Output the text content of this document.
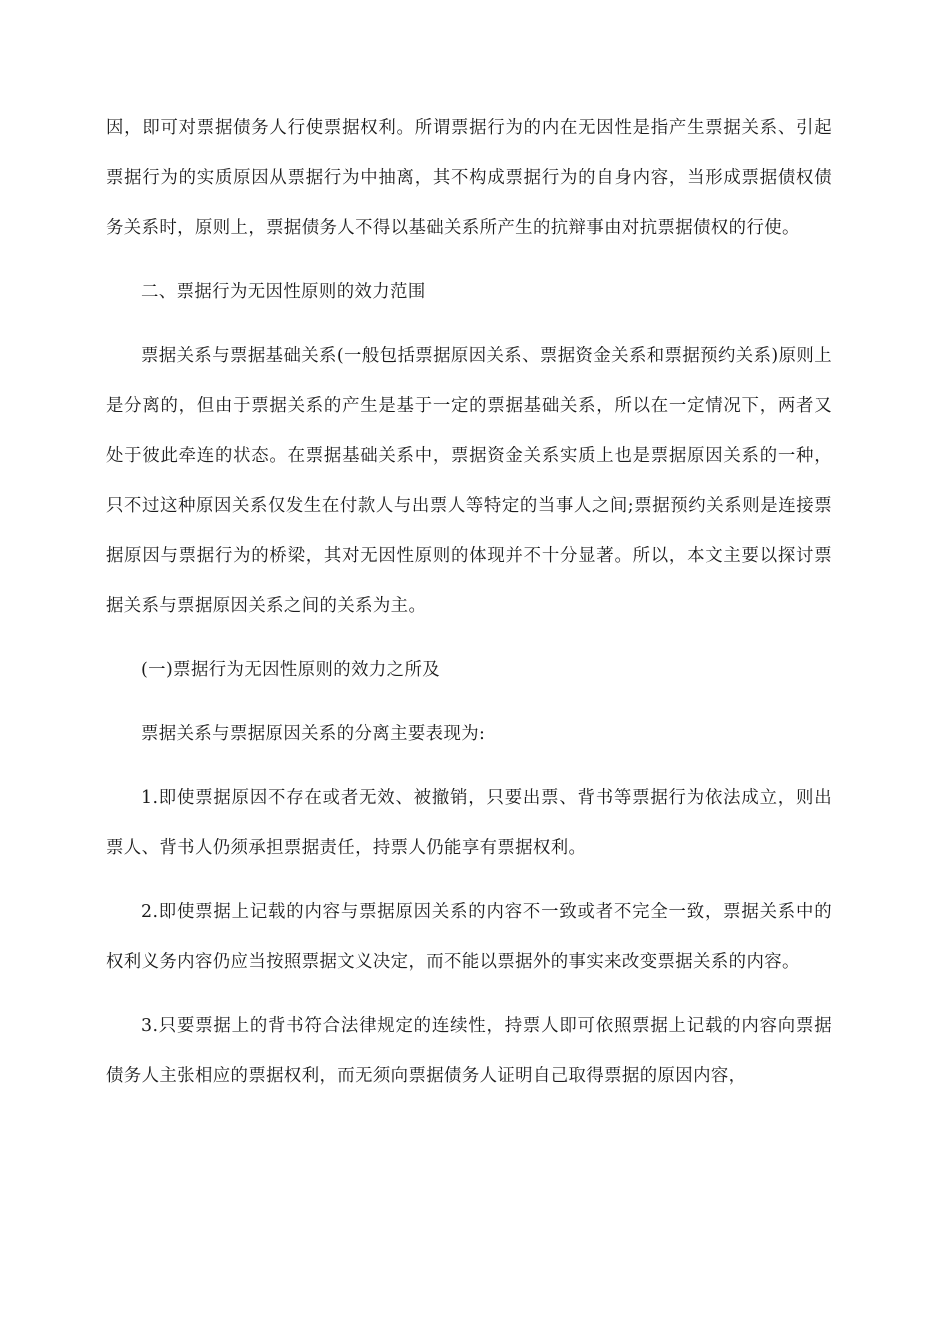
因，即可对票据债务人行使票据权利。所谓票据行为的内在无因性是指产生票据关系、引起票据行为的实质原因从票据行为中抽离，其不构成票据行为的自身内容，当形成票据债权债务关系时，原则上，票据债务人不得以基础关系所产生的抗辩事由对抗票据债权的行使。

二、票据行为无因性原则的效力范围

票据关系与票据基础关系(一般包括票据原因关系、票据资金关系和票据预约关系)原则上是分离的，但由于票据关系的产生是基于一定的票据基础关系，所以在一定情况下，两者又处于彼此牵连的状态。在票据基础关系中，票据资金关系实质上也是票据原因关系的一种，只不过这种原因关系仅发生在付款人与出票人等特定的当事人之间;票据预约关系则是连接票据原因与票据行为的桥梁，其对无因性原则的体现并不十分显著。所以，本文主要以探讨票据关系与票据原因关系之间的关系为主。

(一)票据行为无因性原则的效力之所及

票据关系与票据原因关系的分离主要表现为:

1.即使票据原因不存在或者无效、被撤销，只要出票、背书等票据行为依法成立，则出票人、背书人仍须承担票据责任，持票人仍能享有票据权利。

2.即使票据上记载的内容与票据原因关系的内容不一致或者不完全一致，票据关系中的权利义务内容仍应当按照票据文义决定，而不能以票据外的事实来改变票据关系的内容。

3.只要票据上的背书符合法律规定的连续性，持票人即可依照票据上记载的内容向票据债务人主张相应的票据权利，而无须向票据债务人证明自己取得票据的原因内容，
